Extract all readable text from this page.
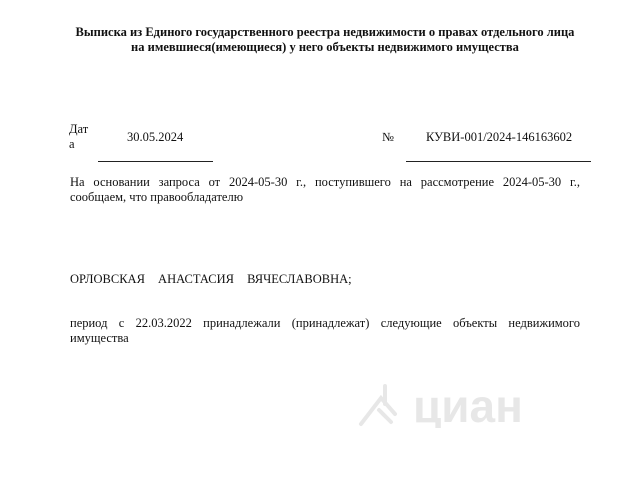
Выписка из Единого государственного реестра недвижимости о правах отдельного лица
на имевшиеся(имеющиеся) у него объекты недвижимого имущества
Дата	30.05.2024	№	КУВИ-001/2024-146163602
На основании запроса от 2024-05-30 г., поступившего на рассмотрение 2024-05-30 г., сообщаем, что правообладателю
ОРЛОВСКАЯ АНАСТАСИЯ ВЯЧЕСЛАВОВНА;
период с 22.03.2022 принадлежали (принадлежат) следующие объекты недвижимого имущества
циан
